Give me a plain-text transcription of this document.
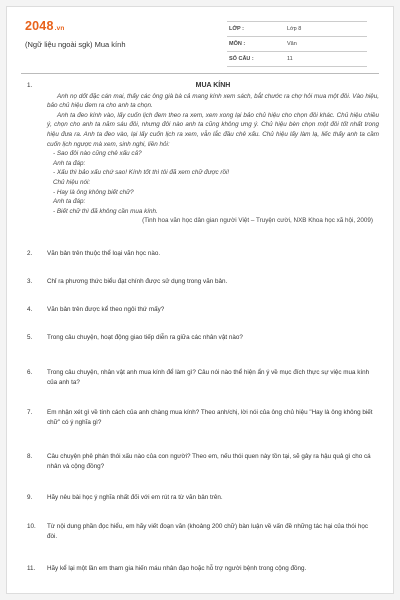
2048.vn
(Ngữ liệu ngoài sgk) Mua kính
LỚP :	Lớp 8
MÔN :	Văn
SỐ CÂU :	11
1.	MUA KÍNH

Anh nọ dốt đặc cán mai, thấy các ông già bà cả mang kính xem sách, bắt chước ra chợ hỏi mua một đôi. Vào hiệu, bảo chủ hiệu đem ra cho anh ta chọn.

Anh ta đeo kính vào, lấy cuốn lịch đem theo ra xem, xem xong lại bảo chủ hiệu cho chọn đôi khác. Chủ hiệu chiều ý, chọn cho anh ta năm sáu đôi, nhưng đôi nào anh ta cũng không ưng ý. Chủ hiệu bèn chọn một đôi tốt nhất trong hiệu đưa ra. Anh ta đeo vào, lại lấy cuốn lịch ra xem, vẫn lắc đầu chê xấu. Chủ hiệu lấy làm lạ, liếc thấy anh ta cầm cuốn lịch ngược mà xem, sinh nghi, liền hỏi:

- Sao đôi nào cũng chê xấu cả?
Anh ta đáp:
- Xấu thì bảo xấu chứ sao! Kính tốt thì tôi đã xem chữ được rồi!
Chủ hiệu nói:
- Hay là ông không biết chữ?
Anh ta đáp:
- Biết chữ thì đã không cần mua kính.
(Tinh hoa văn học dân gian người Việt – Truyện cười, NXB Khoa học xã hội, 2009)
2. Văn bản trên thuộc thể loại văn học nào.
3. Chỉ ra phương thức biểu đạt chính được sử dụng trong văn bản.
4. Văn bản trên được kể theo ngôi thứ mấy?
5. Trong câu chuyện, hoạt động giao tiếp diễn ra giữa các nhân vật nào?
6. Trong câu chuyện, nhân vật anh mua kính để làm gì? Câu nói nào thể hiện ẩn ý về mục đích thực sự việc mua kính của anh ta?
7. Em nhận xét gì về tính cách của anh chàng mua kính? Theo anh/chị, lời nói của ông chủ hiệu "Hay là ông không biết chữ" có ý nghĩa gì?
8. Câu chuyện phê phán thói xấu nào của con người? Theo em, nếu thói quen này tồn tại, sẽ gây ra hậu quả gì cho cá nhân và cộng đồng?
9. Hãy nêu bài học ý nghĩa nhất đối với em rút ra từ văn bản trên.
10. Từ nội dung phần đọc hiểu, em hãy viết đoạn văn (khoảng 200 chữ) bàn luận về vấn đề những tác hại của thói học đòi.
11. Hãy kể lại một lần em tham gia hiến máu nhân đạo hoặc hỗ trợ người bệnh trong cộng đồng.
